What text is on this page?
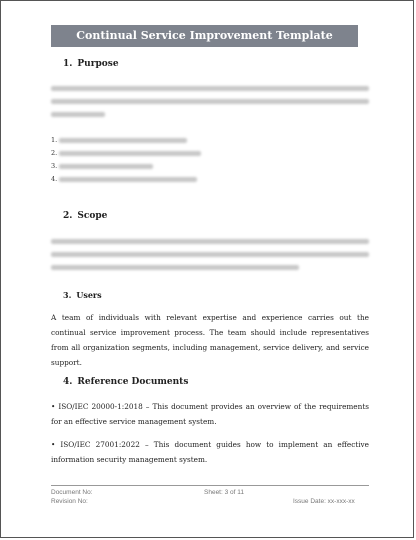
Continual Service Improvement Template
1. Purpose
1.
2.
3.
4.
2. Scope
3. Users
A team of individuals with relevant expertise and experience carries out the continual service improvement process. The team should include representatives from all organization segments, including management, service delivery, and service support.
4. Reference Documents
• ISO/IEC 20000-1:2018 – This document provides an overview of the requirements for an effective service management system.
• ISO/IEC 27001:2022 – This document guides how to implement an effective information security management system.
Document No:
Revision No:
Sheet: 3 of 11
Issue Date: xx-xxx-xx
